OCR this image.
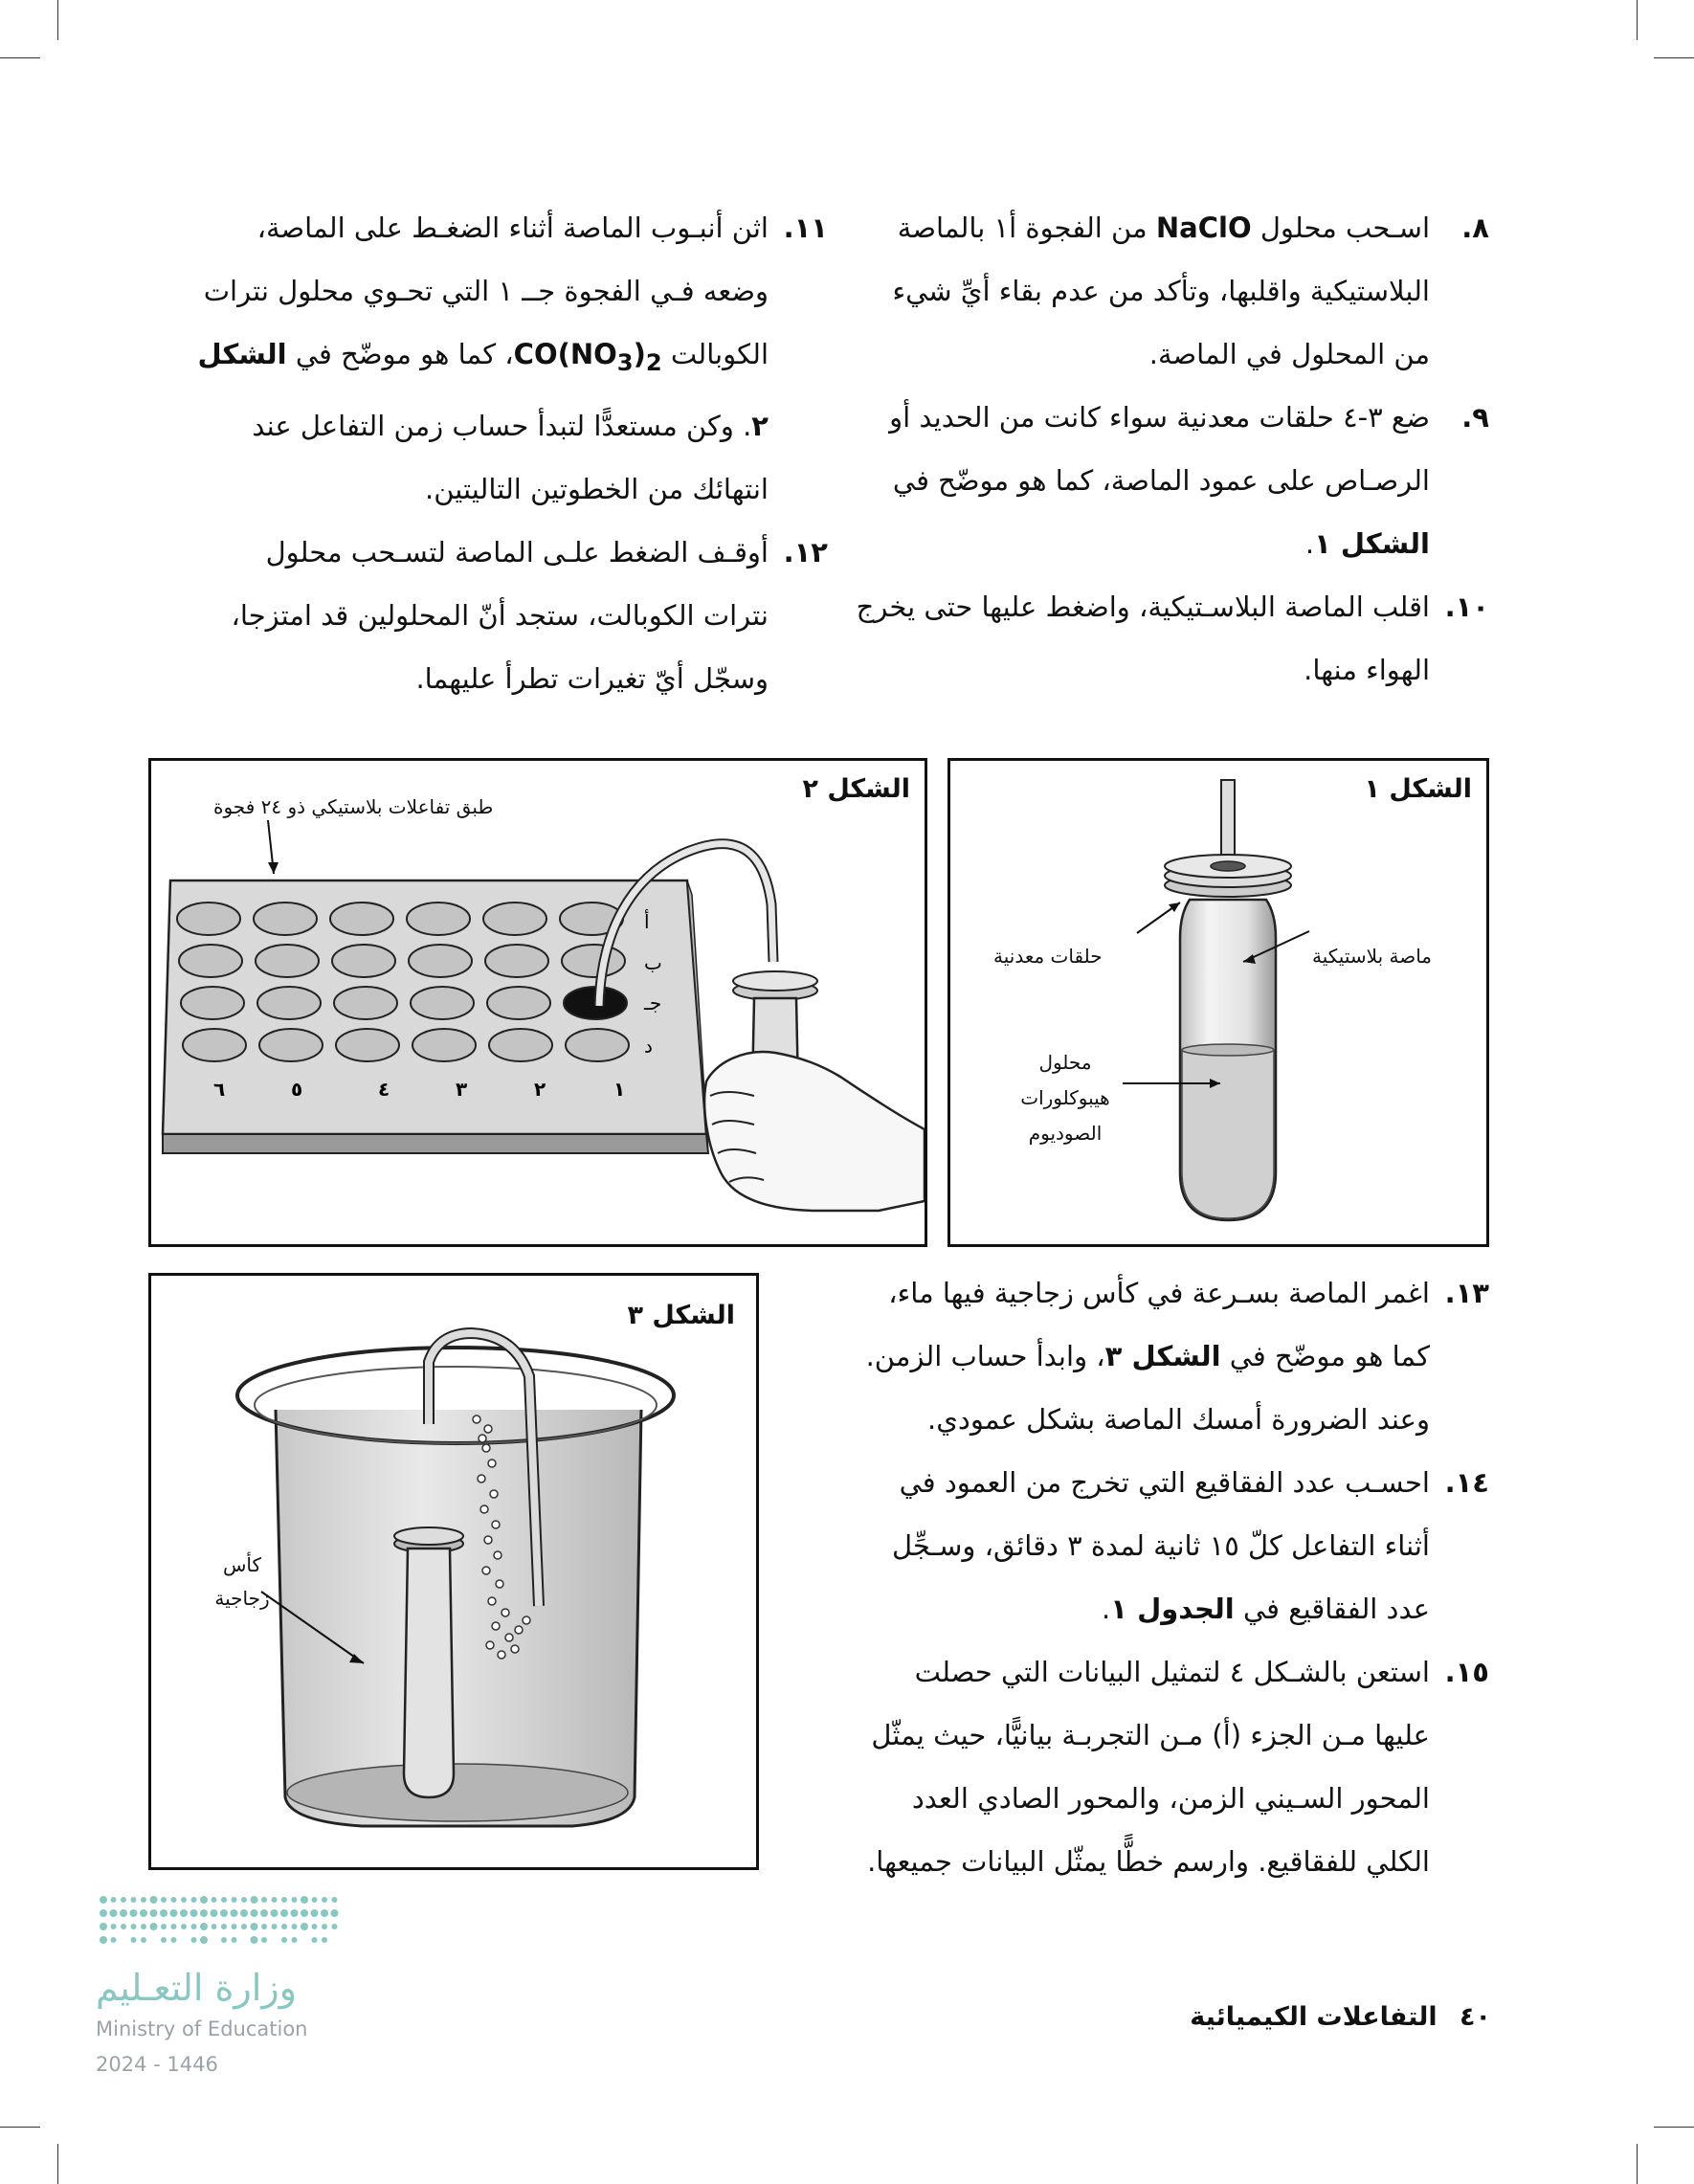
٨.اسـحب محلول NaClO من الفجوة أ١ بالماصة البلاستيكية واقلبها، وتأكد من عدم بقاء أيِّ شيء من المحلول في الماصة.

٩.ضع ٣-٤ حلقات معدنية سواء كانت من الحديد أو الرصـاص على عمود الماصة، كما هو موضّح في الشكل ١.

١٠.اقلب الماصة البلاسـتيكية، واضغط عليها حتى يخرج الهواء منها.

١١.اثن أنبـوب الماصة أثناء الضغـط على الماصة، وضعه فـي الفجوة جــ ١ التي تحـوي محلول نترات الكوبالت $CO(NO_3)_2،$ كما هو موضّح في الشكل ٢. وكن مستعدًّا لتبدأ حساب زمن التفاعل عند انتهائك من الخطوتين التاليتين.

١٢.أوقـف الضغط علـى الماصة لتسـحب محلول نترات الكوبالت، ستجد أنّ المحلولين قد امتزجا، وسجّل أيّ تغيرات تطرأ عليهما.

الشكل ١
حلقات معدنية	ماصة بلاستيكية
محلول
هيبوكلورات
الصوديوم
الشكل ٢
طبق تفاعلات بلاستيكي ذو ٢٤ فجوة
أ
ب
جـ
د
١
٢
٣
٤
٥
٦
الشكل ٣
كأس
زجاجية

١٣.اغمر الماصة بسـرعة في كأس زجاجية فيها ماء، كما هو موضّح في الشكل ٣، وابدأ حساب الزمن. وعند الضرورة أمسك الماصة بشكل عمودي.

١٤.احسـب عدد الفقاقيع التي تخرج من العمود في أثناء التفاعل كلّ ١٥ ثانية لمدة ٣ دقائق، وسـجِّل عدد الفقاقيع في الجدول ١.

١٥.استعن بالشـكل ٤ لتمثيل البيانات التي حصلت عليها مـن الجزء (أ) مـن التجربـة بيانيًّا، حيث يمثّل المحور السـيني الزمن، والمحور الصادي العدد الكلي للفقاقيع. وارسم خطًّا يمثّل البيانات جميعها.

٤٠ التفاعلات الكيميائية
وزارة التعـليم
Ministry of Education
2024 - 1446
